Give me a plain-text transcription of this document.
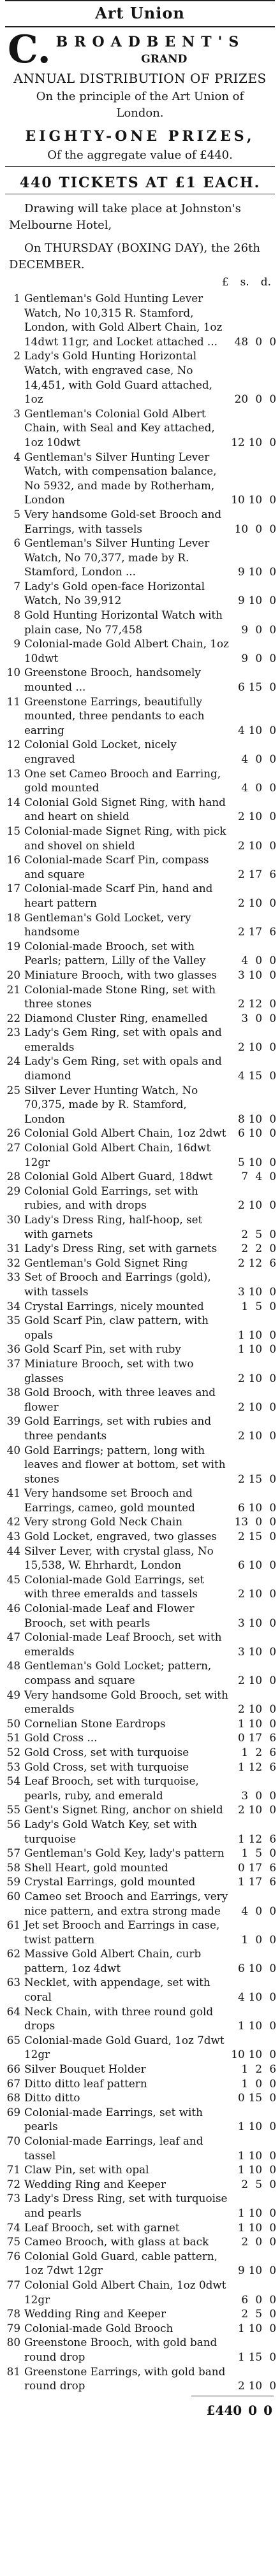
Art Union
C. BROADBENT'S
GRAND
ANNUAL DISTRIBUTION OF PRIZES
On the principle of the Art Union of London.
EIGHTY-ONE PRIZES,
Of the aggregate value of £440.
440 TICKETS AT £1 EACH.
Drawing will take place at Johnston's Melbourne Hotel,
On THURSDAY (BOXING DAY), the 26th DECEMBER.
£ s. d.
1 Gentleman's Gold Hunting Lever Watch, No 10,315 R. Stamford, London, with Gold Albert Chain, 1oz 14dwt 11gr, and Locket attached ...	48 0 0
2 Lady's Gold Hunting Horizontal Watch, with engraved case, No 14,451, with Gold Guard attached, 1oz	20 0 0
3 Gentleman's Colonial Gold Albert Chain, with Seal and Key attached, 1oz 10dwt	12 10 0
4 Gentleman's Silver Hunting Lever Watch, with compensation balance, No 5932, and made by Rotherham, London	10 10 0
5 Very handsome Gold-set Brooch and Earrings, with tassels	10 0 0
6 Gentleman's Silver Hunting Lever Watch, No 70,377, made by R. Stamford, London ...	9 10 0
7 Lady's Gold open-face Horizontal Watch, No 39,912	9 10 0
8 Gold Hunting Horizontal Watch with plain case, No 77,458	9 0 0
9 Colonial-made Gold Albert Chain, 1oz 10dwt	9 0 0
10 Greenstone Brooch, handsomely mounted ...	6 15 0
11 Greenstone Earrings, beautifully mounted, three pendants to each earring	4 10 0
12 Colonial Gold Locket, nicely engraved	4 0 0
13 One set Cameo Brooch and Earring, gold mounted	4 0 0
14 Colonial Gold Signet Ring, with hand and heart on shield	2 10 0
15 Colonial-made Signet Ring, with pick and shovel on shield	2 10 0
16 Colonial-made Scarf Pin, compass and square	2 17 6
17 Colonial-made Scarf Pin, hand and heart pattern	2 10 0
18 Gentleman's Gold Locket, very handsome	2 17 6
19 Colonial-made Brooch, set with Pearls; pattern, Lilly of the Valley	4 0 0
20 Miniature Brooch, with two glasses	3 10 0
21 Colonial-made Stone Ring, set with three stones	2 12 0
22 Diamond Cluster Ring, enamelled	3 0 0
23 Lady's Gem Ring, set with opals and emeralds	2 10 0
24 Lady's Gem Ring, set with opals and diamond	4 15 0
25 Silver Lever Hunting Watch, No 70,375, made by R. Stamford, London	8 10 0
26 Colonial Gold Albert Chain, 1oz 2dwt	6 10 0
27 Colonial Gold Albert Chain, 16dwt 12gr	5 10 0
28 Colonial Gold Albert Guard, 18dwt	7 4 0
29 Colonial Gold Earrings, set with rubies, and with drops	2 10 0
30 Lady's Dress Ring, half-hoop, set with garnets	2 5 0
31 Lady's Dress Ring, set with garnets	2 2 0
32 Gentleman's Gold Signet Ring	2 12 6
33 Set of Brooch and Earrings (gold), with tassels	3 10 0
34 Crystal Earrings, nicely mounted	1 5 0
35 Gold Scarf Pin, claw pattern, with opals	1 10 0
36 Gold Scarf Pin, set with ruby	1 10 0
37 Miniature Brooch, set with two glasses	2 10 0
38 Gold Brooch, with three leaves and flower	2 10 0
39 Gold Earrings, set with rubies and three pendants	2 10 0
40 Gold Earrings; pattern, long with leaves and flower at bottom, set with stones	2 15 0
41 Very handsome set Brooch and Earrings, cameo, gold mounted	6 10 0
42 Very strong Gold Neck Chain	13 0 0
43 Gold Locket, engraved, two glasses	2 15 0
44 Silver Lever, with crystal glass, No 15,538, W. Ehrhardt, London	6 10 0
45 Colonial-made Gold Earrings, set with three emeralds and tassels	2 10 0
46 Colonial-made Leaf and Flower Brooch, set with pearls	3 10 0
47 Colonial-made Leaf Brooch, set with emeralds	3 10 0
48 Gentleman's Gold Locket; pattern, compass and square	2 10 0
49 Very handsome Gold Brooch, set with emeralds	2 10 0
50 Cornelian Stone Eardrops	1 10 0
51 Gold Cross ...	0 17 6
52 Gold Cross, set with turquoise	1 2 6
53 Gold Cross, set with turquoise	1 12 6
54 Leaf Brooch, set with turquoise, pearls, ruby, and emerald	3 0 0
55 Gent's Signet Ring, anchor on shield	2 10 0
56 Lady's Gold Watch Key, set with turquoise	1 12 6
57 Gentleman's Gold Key, lady's pattern	1 5 0
58 Shell Heart, gold mounted	0 17 6
59 Crystal Earrings, gold mounted	1 17 6
60 Cameo set Brooch and Earrings, very nice pattern, and extra strong made	4 0 0
61 Jet set Brooch and Earrings in case, twist pattern	1 0 0
62 Massive Gold Albert Chain, curb pattern, 1oz 4dwt	6 10 0
63 Necklet, with appendage, set with coral	4 10 0
64 Neck Chain, with three round gold drops	1 10 0
65 Colonial-made Gold Guard, 1oz 7dwt 12gr	10 10 0
66 Silver Bouquet Holder	1 2 6
67 Ditto ditto leaf pattern	1 0 0
68 Ditto ditto	0 15 0
69 Colonial-made Earrings, set with pearls	1 10 0
70 Colonial-made Earrings, leaf and tassel	1 10 0
71 Claw Pin, set with opal	1 10 0
72 Wedding Ring and Keeper	2 5 0
73 Lady's Dress Ring, set with turquoise and pearls	1 10 0
74 Leaf Brooch, set with garnet	1 10 0
75 Cameo Brooch, with glass at back	2 0 0
76 Colonial Gold Guard, cable pattern, 1oz 7dwt 12gr	9 10 0
77 Colonial Gold Albert Chain, 1oz 0dwt 12gr	6 0 0
78 Wedding Ring and Keeper	2 5 0
79 Colonial-made Gold Brooch	1 10 0
80 Greenstone Brooch, with gold band round drop	1 15 0
81 Greenstone Earrings, with gold band round drop	2 10 0
£440 0 0
